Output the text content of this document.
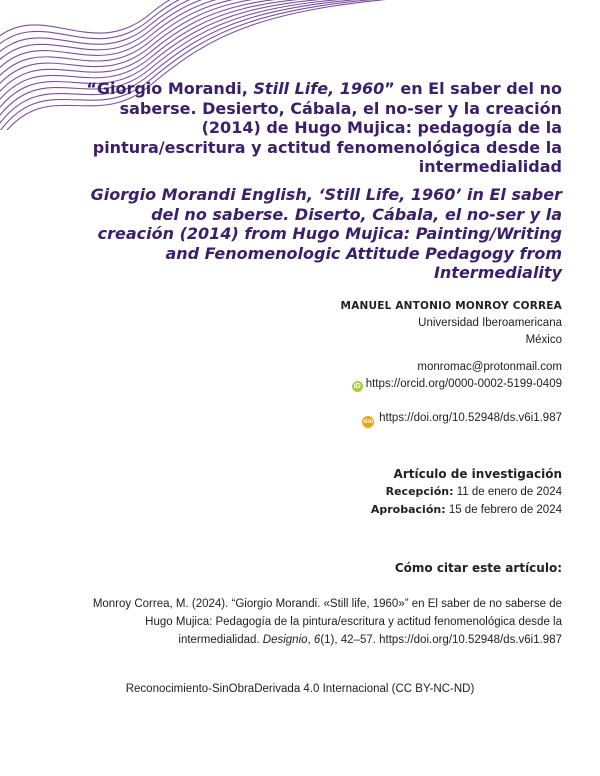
“Giorgio Morandi, Still Life, 1960” en El saber del no saberse. Desierto, Cábala, el no-ser y la creación (2014) de Hugo Mujica: pedagogía de la pintura/escritura y actitud fenomenológica desde la intermedialidad
Giorgio Morandi English, ‘Still Life, 1960’ in El saber del no saberse. Diserto, Cábala, el no-ser y la creación (2014) from Hugo Mujica: Painting/Writing and Fenomenologic Attitude Pedagogy from Intermediality
MANUEL ANTONIO MONROY CORREA
Universidad Iberoamericana
México
monromac@protonmail.com
iD https://orcid.org/0000-0002-5199-0409
doi https://doi.org/10.52948/ds.v6i1.987
Artículo de investigación
Recepción: 11 de enero de 2024
Aprobación: 15 de febrero de 2024
Cómo citar este artículo:
Monroy Correa, M. (2024). “Giorgio Morandi. «Still life, 1960»” en El saber de no saberse de Hugo Mujica: Pedagogía de la pintura/escritura y actitud fenomenológica desde la intermedialidad. Designio, 6(1), 42–57. https://doi.org/10.52948/ds.v6i1.987
Reconocimiento-SinObraDerivada 4.0 Internacional (CC BY-NC-ND)
